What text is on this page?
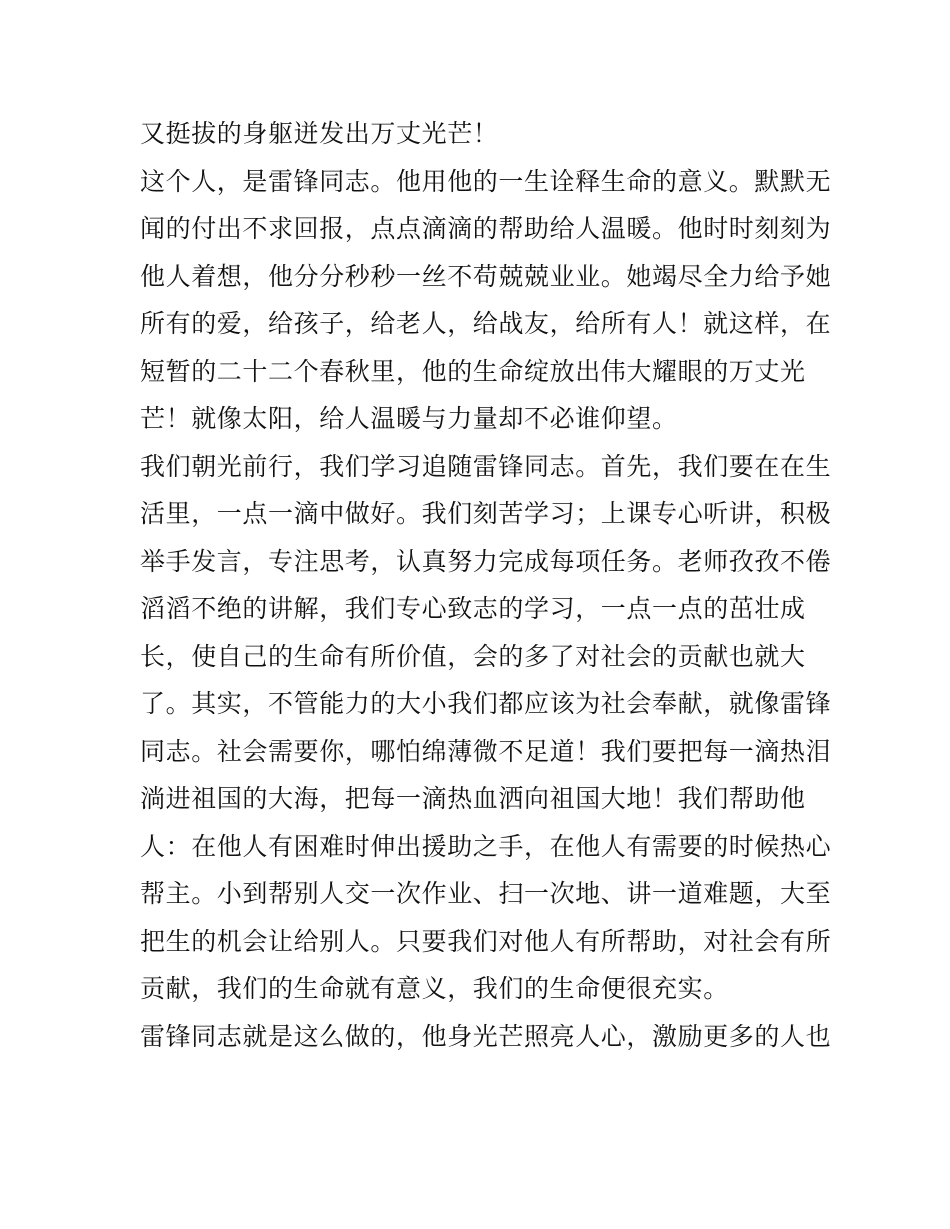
又挺拔的身躯迸发出万丈光芒！
这个人，是雷锋同志。他用他的一生诠释生命的意义。默默无
闻的付出不求回报，点点滴滴的帮助给人温暖。他时时刻刻为
他人着想，他分分秒秒一丝不苟兢兢业业。她竭尽全力给予她
所有的爱，给孩子，给老人，给战友，给所有人！就这样，在
短暂的二十二个春秋里，他的生命绽放出伟大耀眼的万丈光
芒！就像太阳，给人温暖与力量却不必谁仰望。
我们朝光前行，我们学习追随雷锋同志。首先，我们要在在生
活里，一点一滴中做好。我们刻苦学习；上课专心听讲，积极
举手发言，专注思考，认真努力完成每项任务。老师孜孜不倦
滔滔不绝的讲解，我们专心致志的学习，一点一点的茁壮成
长，使自己的生命有所价值，会的多了对社会的贡献也就大
了。其实，不管能力的大小我们都应该为社会奉献，就像雷锋
同志。社会需要你，哪怕绵薄微不足道！我们要把每一滴热泪
淌进祖国的大海，把每一滴热血洒向祖国大地！我们帮助他
人：在他人有困难时伸出援助之手，在他人有需要的时候热心
帮主。小到帮别人交一次作业、扫一次地、讲一道难题，大至
把生的机会让给别人。只要我们对他人有所帮助，对社会有所
贡献，我们的生命就有意义，我们的生命便很充实。
雷锋同志就是这么做的，他身光芒照亮人心，激励更多的人也
